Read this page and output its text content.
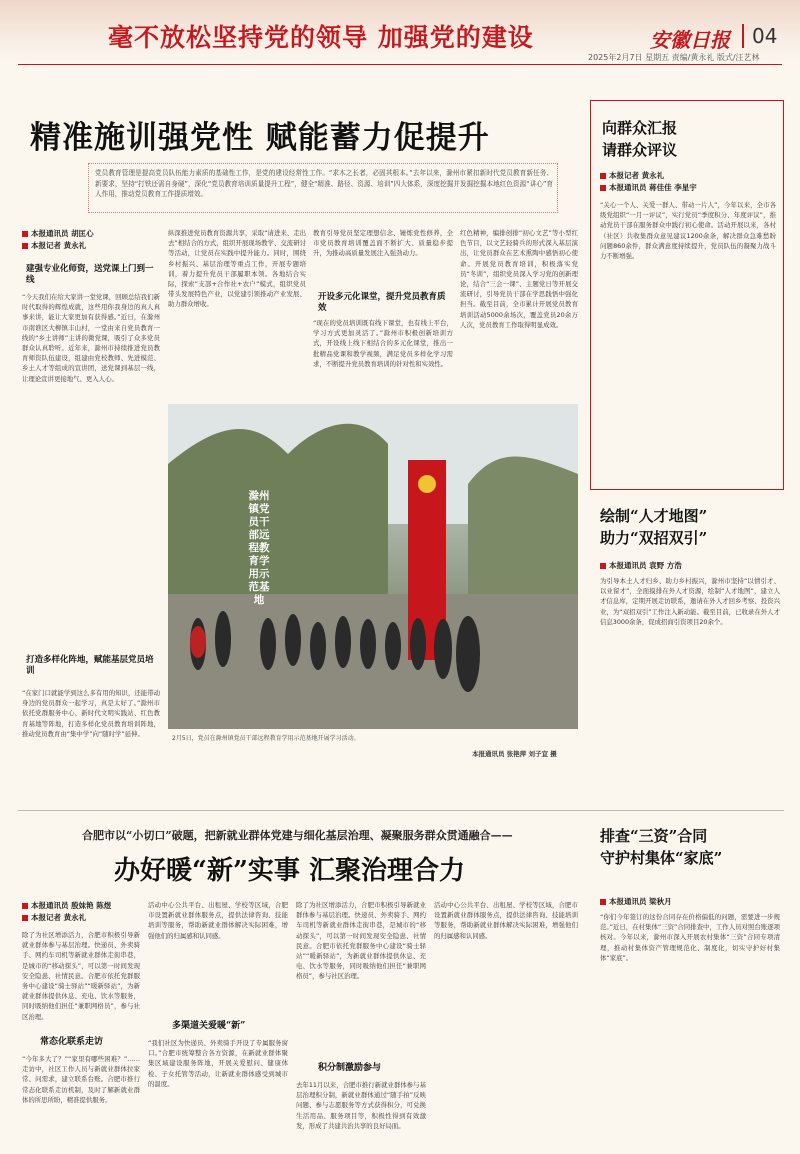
毫不放松坚持党的领导 加强党的建设	安徽日报 04
2025年2月7日 星期五 责编/黄永礼 版式/汪艺林
精准施训强党性 赋能蓄力促提升
党员教育管理是提高党员队伍能力素质的基础性工作，是党的建设经常性工作。“求木之长者，必固其根本。”去年以来，滁州市紧扣新时代党员教育新任务、新要求，坚持“打铁还需自身硬”，深化“党员教育培训质量提升工程”，健全“精准、路径、资源、培训”四大体系，深度挖掘并发掘挖掘本地红色资源“讲心”育人作用，推动党员教育工作提质增效。
本报通讯员 胡匡心
本报记者 黄永礼
建强专业化师资，送党课上门到一线
“今天我们在给大家讲一堂党课，回顾总结我们新时代取得的辉煌成就，这些用你我身边的真人真事来讲，能让大家更加有获得感。”近日，在滁州市南谯区大柳镇丰山村，一堂由来自党员教育一线的“乡土讲师”主讲的微党课，吸引了众多党员群众认真聆听。近年来，滁州市持续推进党员教育师资队伍建设，组建由党校教师、先进模范、乡土人才等组成的宣讲团，送党课到基层一线，让理论宣讲更接地气、更入人心。
打造多样化阵地，赋能基层党员培训
“在家门口就能学到这么多有用的知识，还能带动身边的党员群众一起学习，真是太好了。”滁州市依托党群服务中心、新时代文明实践站、红色教育基地等阵地，打造多样化党员教育培训阵地，推动党员教育由“集中学”向“随时学”延伸。
纵深推进党员教育资源共享，采取“请进来、走出去”相结合的方式，组织开展现场教学、交流研讨等活动，让党员在实践中提升能力。同时，围绕乡村振兴、基层治理等重点工作，开展专题培训，着力提升党员干部履职本领。各地结合实际，探索“支部+合作社+农户”模式，组织党员带头发展特色产业，以党建引领推动产业发展、助力群众增收。
教育引导党员坚定理想信念、锤炼党性修养，全市党员教育培训覆盖面不断扩大、质量稳步提升，为推动高质量发展注入强劲动力。
开设多元化课堂，提升党员教育质效
“现在的党员培训既有线下课堂，也有线上平台，学习方式更加灵活了。”滁州市积极创新培训方式，开设线上线下相结合的多元化课堂，推出一批精品党课和教学视频，满足党员多样化学习需求，不断提升党员教育培训的针对性和实效性。
红色精神，编排创排“初心文艺”等小型红色节目，以文艺轻骑兵的形式深入基层演出，让党员群众在艺术熏陶中感悟初心使命。开展党员教育培训，积极落实党员“冬训”，组织党员深入学习党的创新理论，结合“三会一课”、主题党日等开展交流研讨，引导党员干部在学思践悟中强化担当。截至目前，全市累计开展党员教育培训活动5000余场次，覆盖党员20余万人次，党员教育工作取得明显成效。
滁州镇党员干部远程教育学用示范基地
2月5日，党员在滁州镇党员干部远程教育学用示范基地开展学习活动。
本报通讯员 张艳萍 刘子宜 摄
向群众汇报
请群众评议
本报记者 黄永礼
本报通讯员 蒋佳佳 李星宇
“关心一个人、关爱一群人、带动一片人”，今年以来，全市各级党组织“一月一评议”，实行党员“季度积分、年度评议”，推动党员干部在服务群众中践行初心使命。活动开展以来，各村（社区）共收集群众意见建议1200余条，解决群众急难愁盼问题860余件，群众满意度持续提升，党员队伍的凝聚力战斗力不断增强。
绘制“人才地图”
助力“双招双引”
本报通讯员 袁野 方浩
为引导本土人才归乡、助力乡村振兴，滁州市坚持“以情引才、以业留才”，全面摸排在外人才资源，绘制“人才地图”，建立人才信息库，定期开展走访联系，邀请在外人才回乡考察、投资兴业，为“双招双引”工作注入新动能。截至目前，已收录在外人才信息3000余条，促成招商引资项目20余个。
合肥市以“小切口”破题，把新就业群体党建与细化基层治理、凝聚服务群众贯通融合——
办好暖“新”实事 汇聚治理合力
本报通讯员 殷妹艳 陈煜
本报记者 黄永礼
除了为社区增添活力，合肥市积极引导新就业群体参与基层治理。快递员、外卖骑手、网约车司机等新就业群体走街串巷，是城市的“移动探头”，可以第一时间发现安全隐患、社情民意。合肥市依托党群服务中心建设“骑士驿站”“暖新驿站”，为新就业群体提供休息、充电、饮水等服务，同时吸纳他们担任“兼职网格员”，参与社区治理。
常态化联系走访
“今年多大了？”“家里有哪些困难？”……走访中，社区工作人员与新就业群体拉家常、问需求，建立联系台账。合肥市推行常态化联系走访机制，及时了解新就业群体的所思所盼，精准提供服务。
活动中心公共平台、出租屋、学校等区域，合肥市设置新就业群体服务点，提供法律咨询、技能培训等服务，帮助新就业群体解决实际困难，增强他们的归属感和认同感。
多渠道关爱暖“新”
“我们社区为快递员、外卖骑手开设了专属服务窗口。”合肥市统筹整合各方资源，在新就业群体聚集区域建设服务阵地，开展关爱慰问、健康体检、子女托管等活动，让新就业群体感受到城市的温度。
除了为社区增添活力，合肥市积极引导新就业群体参与基层治理。快递员、外卖骑手、网约车司机等新就业群体走街串巷，是城市的“移动探头”，可以第一时间发现安全隐患、社情民意。合肥市依托党群服务中心建设“骑士驿站”“暖新驿站”，为新就业群体提供休息、充电、饮水等服务，同时吸纳他们担任“兼职网格员”，参与社区治理。
积分制激励参与
去年11月以来，合肥市推行新就业群体参与基层治理积分制，新就业群体通过“随手拍”反映问题、参与志愿服务等方式获得积分，可兑换生活用品、服务项目等，积极性得到有效激发，形成了共建共治共享的良好局面。
活动中心公共平台、出租屋、学校等区域，合肥市设置新就业群体服务点，提供法律咨询、技能培训等服务，帮助新就业群体解决实际困难，增强他们的归属感和认同感。
排查“三资”合同
守护村集体“家底”
本报通讯员 梁秋月
“你们今年签订的这份合同存在价格偏低的问题，需要进一步规范。”近日，在村集体“三资”合同排查中，工作人员对照台账逐项核对。今年以来，滁州市深入开展农村集体“三资”合同专项清理，推动村集体资产管理规范化、制度化，切实守护好村集体“家底”。
